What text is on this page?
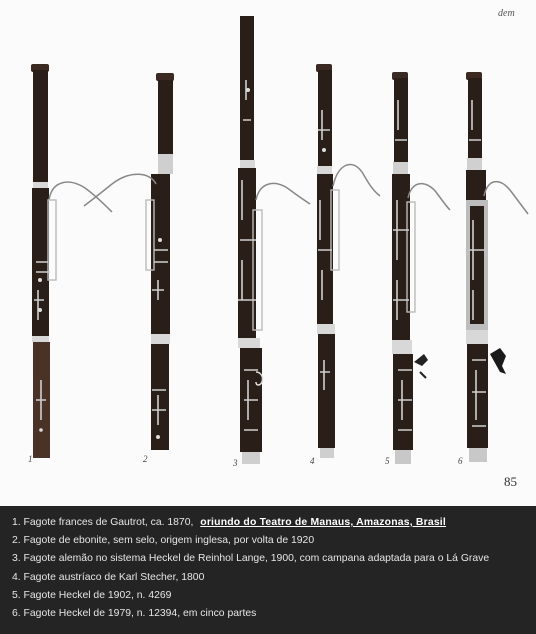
dem
85
1	2	3	4	5	6
1. Fagote frances de Gautrot, ca. 1870, oriundo do Teatro de Manaus, Amazonas, Brasil
2. Fagote de ebonite, sem selo, origem inglesa, por volta de 1920
3. Fagote alemão no sistema Heckel de Reinhol Lange, 1900, com campana adaptada para o Lá Grave
4. Fagote austríaco de Karl Stecher, 1800
5. Fagote Heckel de 1902, n. 4269
6. Fagote Heckel de 1979, n. 12394, em cinco partes
